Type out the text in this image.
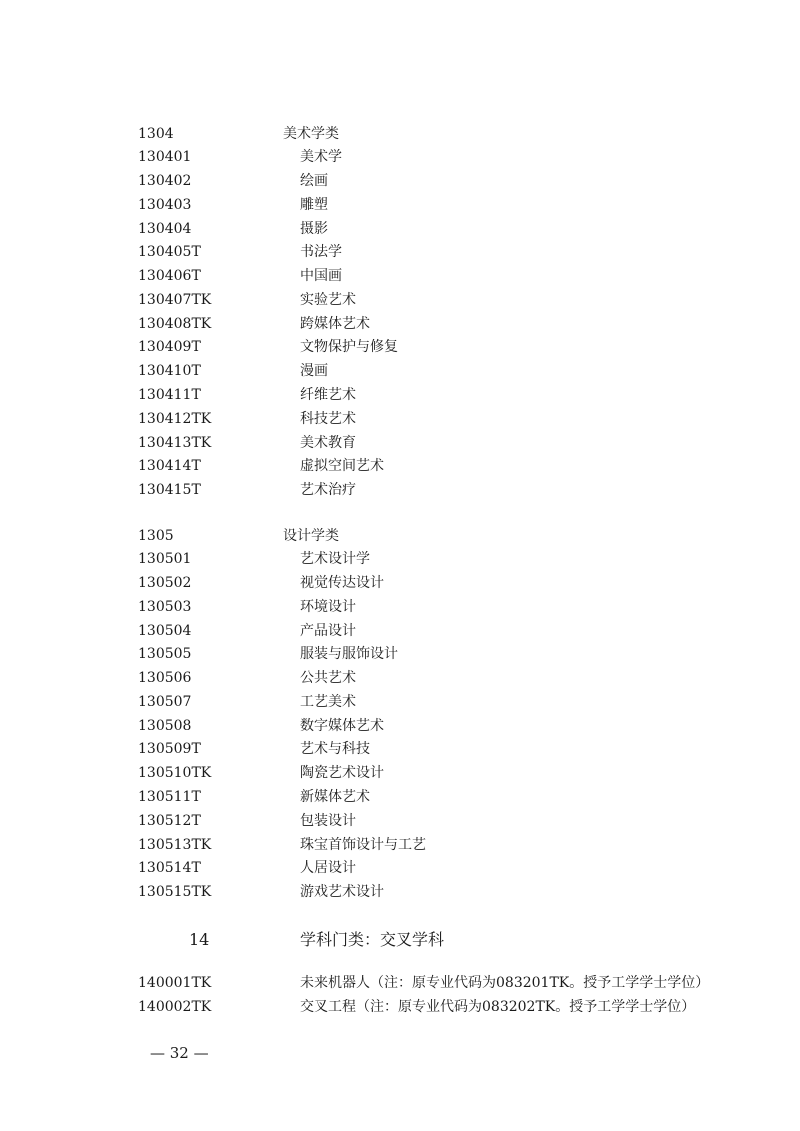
1304	美术学类
130401	美术学
130402	绘画
130403	雕塑
130404	摄影
130405T	书法学
130406T	中国画
130407TK	实验艺术
130408TK	跨媒体艺术
130409T	文物保护与修复
130410T	漫画
130411T	纤维艺术
130412TK	科技艺术
130413TK	美术教育
130414T	虚拟空间艺术
130415T	艺术治疗
1305	设计学类
130501	艺术设计学
130502	视觉传达设计
130503	环境设计
130504	产品设计
130505	服装与服饰设计
130506	公共艺术
130507	工艺美术
130508	数字媒体艺术
130509T	艺术与科技
130510TK	陶瓷艺术设计
130511T	新媒体艺术
130512T	包装设计
130513TK	珠宝首饰设计与工艺
130514T	人居设计
130515TK	游戏艺术设计
14	学科门类：交叉学科
140001TK	未来机器人（注：原专业代码为083201TK。授予工学学士学位）
140002TK	交叉工程（注：原专业代码为083202TK。授予工学学士学位）
— 32 —
